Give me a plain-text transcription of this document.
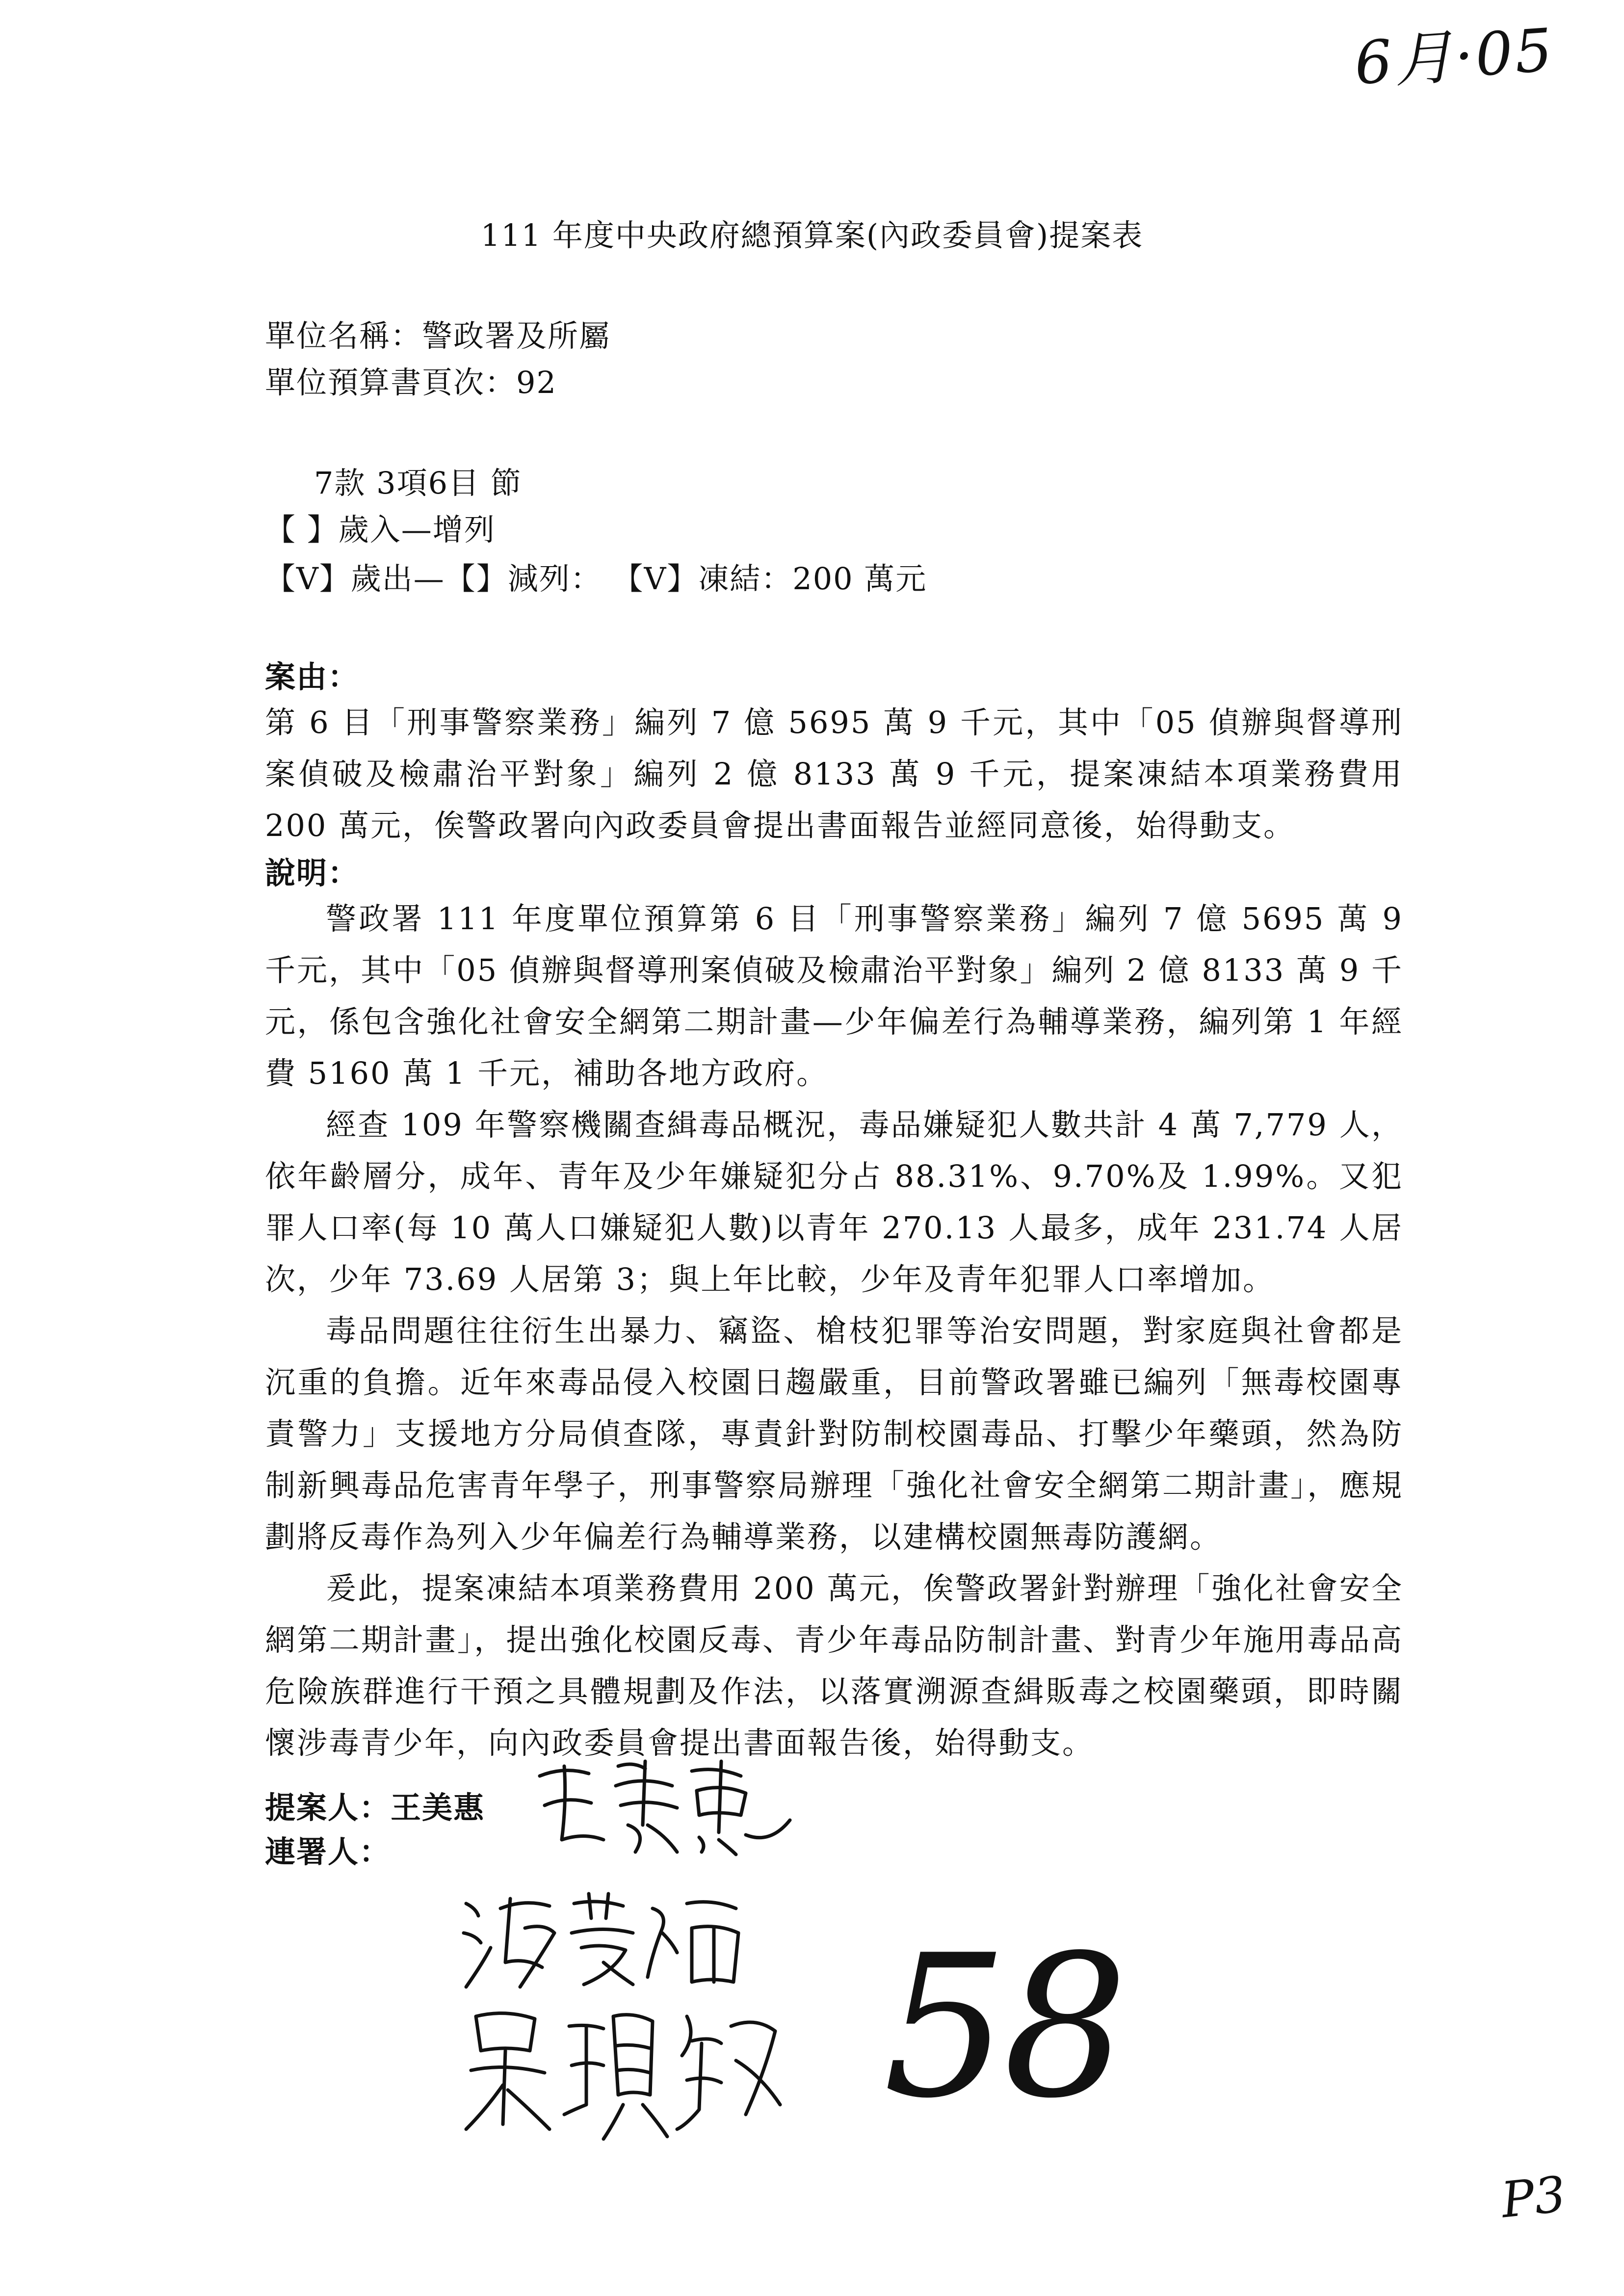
6月·05
111 年度中央政府總預算案(內政委員會)提案表
單位名稱：警政署及所屬
單位預算書頁次：92
7款 3項6目 節
【 】歲入—增列
【V】歲出—【】減列： 【V】凍結：200 萬元
案由：

第 6 目「刑事警察業務」編列 7 億 5695 萬 9 千元，其中「05 偵辦與督導刑案偵破及檢肅治平對象」編列 2 億 8133 萬 9 千元，提案凍結本項業務費用 200 萬元，俟警政署向內政委員會提出書面報告並經同意後，始得動支。

說明：

警政署 111 年度單位預算第 6 目「刑事警察業務」編列 7 億 5695 萬 9 千元，其中「05 偵辦與督導刑案偵破及檢肅治平對象」編列 2 億 8133 萬 9 千元，係包含強化社會安全網第二期計畫—少年偏差行為輔導業務，編列第 1 年經費 5160 萬 1 千元，補助各地方政府。

經查 109 年警察機關查緝毒品概況，毒品嫌疑犯人數共計 4 萬 7,779 人，依年齡層分，成年、青年及少年嫌疑犯分占 88.31%、9.70%及 1.99%。又犯罪人口率(每 10 萬人口嫌疑犯人數)以青年 270.13 人最多，成年 231.74 人居次，少年 73.69 人居第 3；與上年比較，少年及青年犯罪人口率增加。

毒品問題往往衍生出暴力、竊盜、槍枝犯罪等治安問題，對家庭與社會都是沉重的負擔。近年來毒品侵入校園日趨嚴重，目前警政署雖已編列「無毒校園專責警力」支援地方分局偵查隊，專責針對防制校園毒品、打擊少年藥頭，然為防制新興毒品危害青年學子，刑事警察局辦理「強化社會安全網第二期計畫」，應規劃將反毒作為列入少年偏差行為輔導業務，以建構校園無毒防護網。

爰此，提案凍結本項業務費用 200 萬元，俟警政署針對辦理「強化社會安全網第二期計畫」，提出強化校園反毒、青少年毒品防制計畫、對青少年施用毒品高危險族群進行干預之具體規劃及作法，以落實溯源查緝販毒之校園藥頭，即時關懷涉毒青少年，向內政委員會提出書面報告後，始得動支。

提案人：王美惠
連署人：
58
P3
